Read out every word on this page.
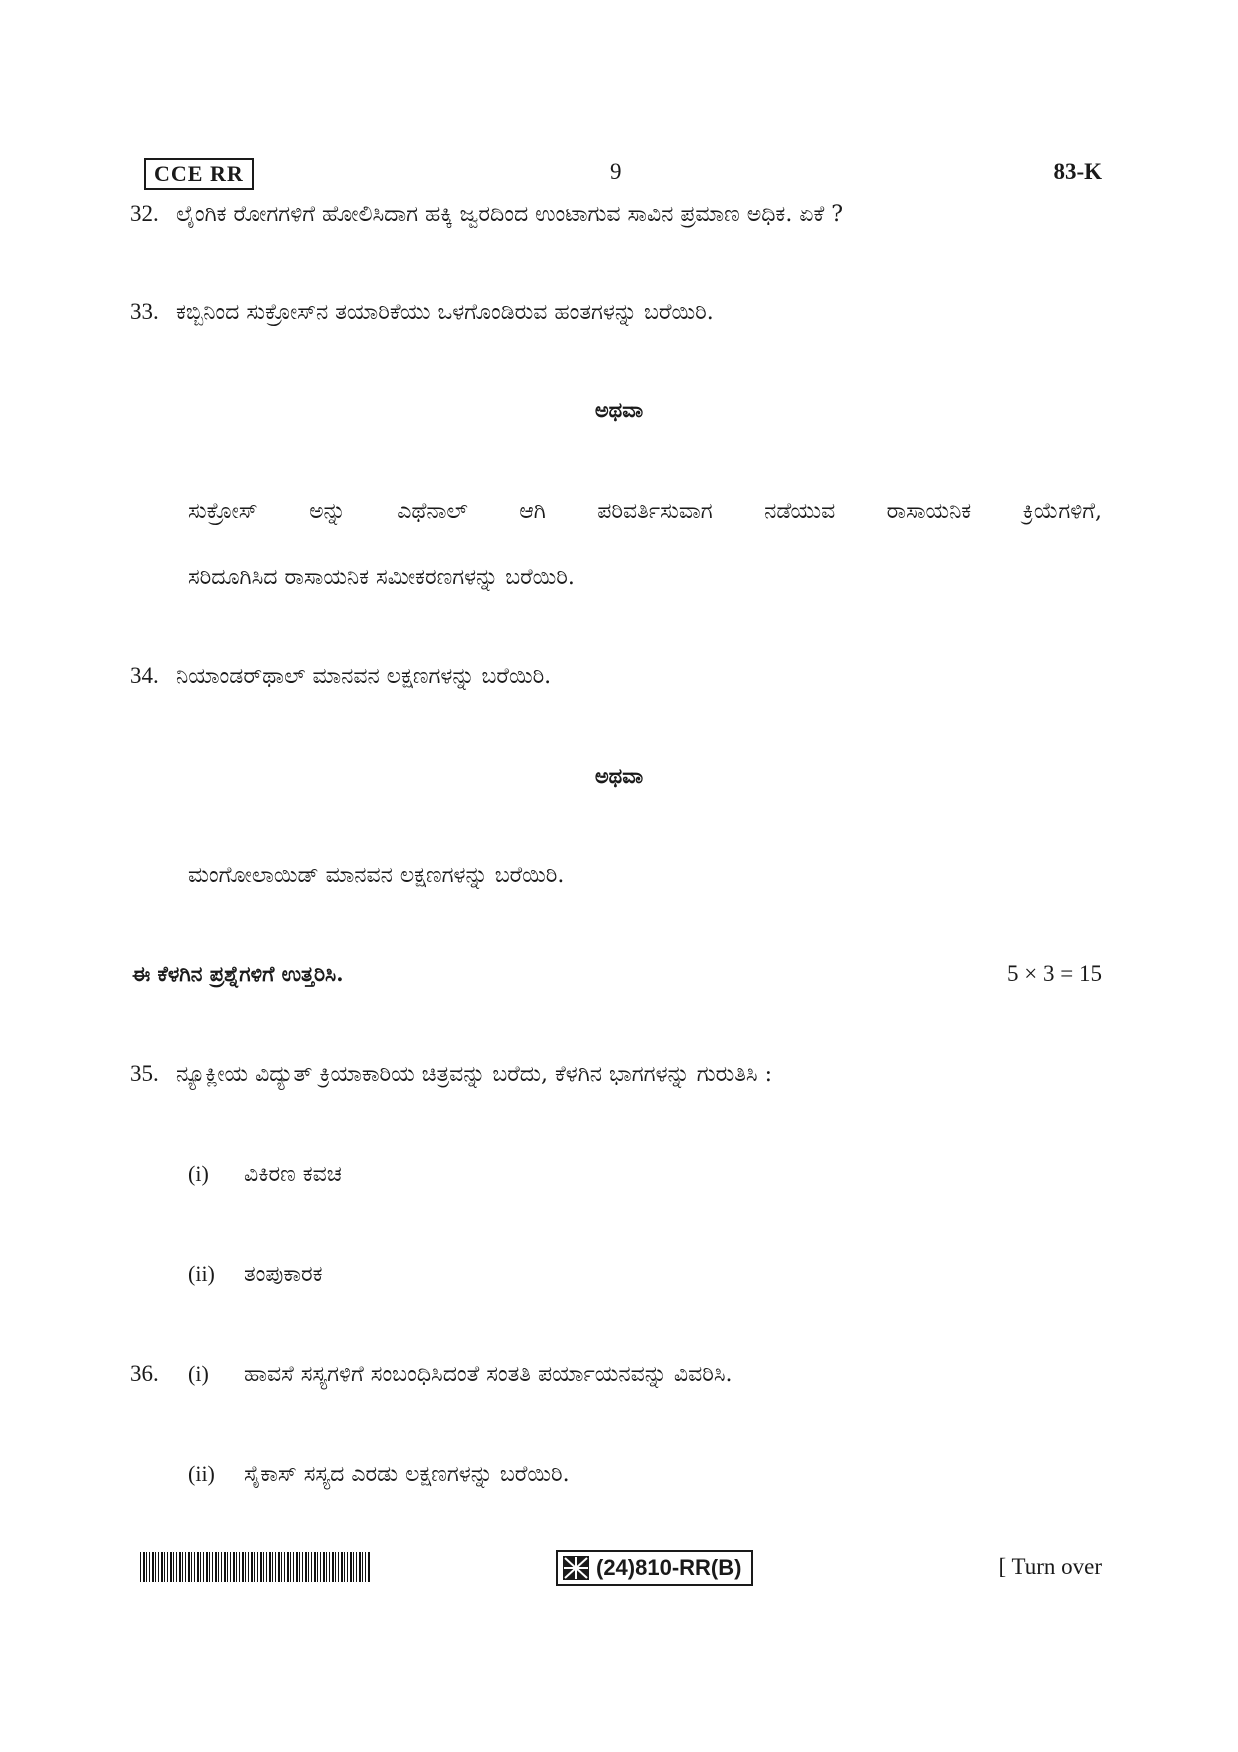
CCE RR	9	83-K
32. ಲೈಂಗಿಕ ರೋಗಗಳಿಗೆ ಹೋಲಿಸಿದಾಗ ಹಕ್ಕಿ ಜ್ವರದಿಂದ ಉಂಟಾಗುವ ಸಾವಿನ ಪ್ರಮಾಣ ಅಧಿಕ. ಏಕೆ ?
33. ಕಬ್ಬಿನಿಂದ ಸುಕ್ರೋಸ್‌ನ ತಯಾರಿಕೆಯು ಒಳಗೊಂಡಿರುವ ಹಂತಗಳನ್ನು ಬರೆಯಿರಿ.
ಅಥವಾ
ಸುಕ್ರೋಸ್ ಅನ್ನು ಎಥೆನಾಲ್ ಆಗಿ ಪರಿವರ್ತಿಸುವಾಗ ನಡೆಯುವ ರಾಸಾಯನಿಕ ಕ್ರಿಯೆಗಳಿಗೆ,
ಸರಿದೂಗಿಸಿದ ರಾಸಾಯನಿಕ ಸಮೀಕರಣಗಳನ್ನು ಬರೆಯಿರಿ.
34. ನಿಯಾಂಡರ್‌ಥಾಲ್ ಮಾನವನ ಲಕ್ಷಣಗಳನ್ನು ಬರೆಯಿರಿ.
ಅಥವಾ
ಮಂಗೋಲಾಯಿಡ್ ಮಾನವನ ಲಕ್ಷಣಗಳನ್ನು ಬರೆಯಿರಿ.
ಈ ಕೆಳಗಿನ ಪ್ರಶ್ನೆಗಳಿಗೆ ಉತ್ತರಿಸಿ.	5 × 3 = 15
35. ನ್ಯೂಕ್ಲೀಯ ವಿದ್ಯುತ್ ಕ್ರಿಯಾಕಾರಿಯ ಚಿತ್ರವನ್ನು ಬರೆದು, ಕೆಳಗಿನ ಭಾಗಗಳನ್ನು ಗುರುತಿಸಿ :
(i) ವಿಕಿರಣ ಕವಚ
(ii) ತಂಪುಕಾರಕ
36. (i) ಹಾವಸೆ ಸಸ್ಯಗಳಿಗೆ ಸಂಬಂಧಿಸಿದಂತೆ ಸಂತತಿ ಪರ್ಯಾಯನವನ್ನು ವಿವರಿಸಿ.
(ii) ಸೈಕಾಸ್ ಸಸ್ಯದ ಎರಡು ಲಕ್ಷಣಗಳನ್ನು ಬರೆಯಿರಿ.
(24)810-RR(B)	[ Turn over
